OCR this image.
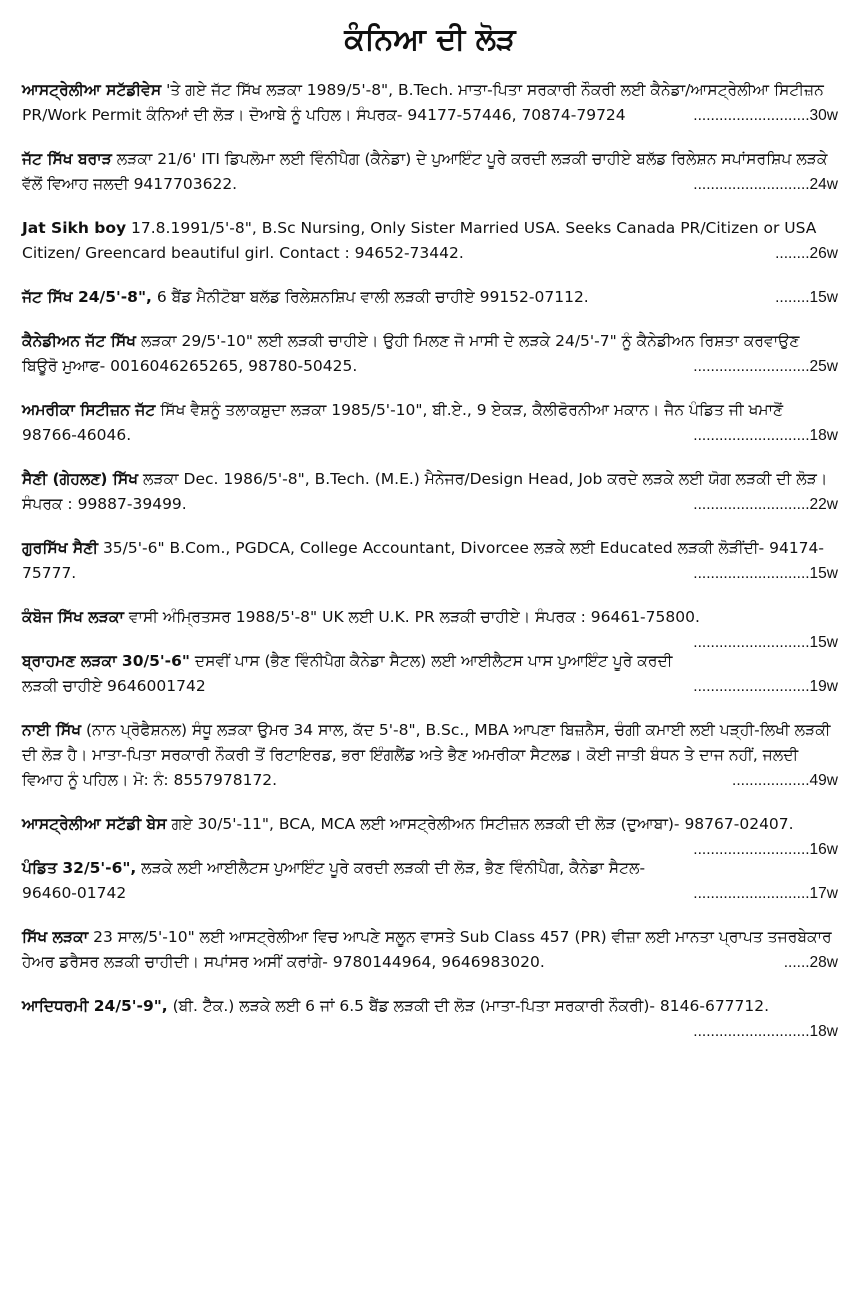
ਕੰਨਿਆ ਦੀ ਲੋੜ

ਆਸਟ੍ਰੇਲੀਆ ਸਟੱਡੀਵੇਸ 'ਤੇ ਗਏ ਜੱਟ ਸਿੱਖ ਲੜਕਾ 1989/5'-8", B.Tech. ਮਾਤਾ-ਪਿਤਾ ਸਰਕਾਰੀ ਨੌਕਰੀ ਲਈ ਕੈਨੇਡਾ/ਆਸਟ੍ਰੇਲੀਆ ਸਿਟੀਜ਼ਨ PR/Work Permit ਕੰਨਿਆਂ ਦੀ ਲੋੜ। ਦੋਆਬੇ ਨੂੰ ਪਹਿਲ। ਸੰਪਰਕ- 94177-57446, 70874-79724	...........................30w

ਜੱਟ ਸਿੱਖ ਬਰਾੜ ਲੜਕਾ 21/6' ITI ਡਿਪਲੋਮਾ ਲਈ ਵਿੰਨੀਪੈਗ (ਕੈਨੇਡਾ) ਦੇ ਪੁਆਇੰਟ ਪੂਰੇ ਕਰਦੀ ਲੜਕੀ ਚਾਹੀਏ ਬਲੱਡ ਰਿਲੇਸ਼ਨ ਸਪਾਂਸਰਸ਼ਿਪ ਲੜਕੇ ਵੱਲੋਂ ਵਿਆਹ ਜਲਦੀ 9417703622.	...........................24w

Jat Sikh boy 17.8.1991/5'-8", B.Sc Nursing, Only Sister Married USA. Seeks Canada PR/Citizen or USA Citizen/ Greencard beautiful girl. Contact : 94652-73442.	........26w

ਜੱਟ ਸਿੱਖ 24/5'-8", 6 ਬੈਂਡ ਮੈਨੀਟੋਬਾ ਬਲੱਡ ਰਿਲੇਸ਼ਨਸ਼ਿਪ ਵਾਲੀ ਲੜਕੀ ਚਾਹੀਏ 99152-07112.	........15w

ਕੈਨੇਡੀਅਨ ਜੱਟ ਸਿੱਖ ਲੜਕਾ 29/5'-10" ਲਈ ਲੜਕੀ ਚਾਹੀਏ। ਉਹੀ ਮਿਲਣ ਜੋ ਮਾਸੀ ਦੇ ਲੜਕੇ 24/5'-7" ਨੂੰ ਕੈਨੇਡੀਅਨ ਰਿਸ਼ਤਾ ਕਰਵਾਉਣ ਬਿਊਰੋ ਮੁਆਫ- 0016046265265, 98780-50425.	...........................25w

ਅਮਰੀਕਾ ਸਿਟੀਜ਼ਨ ਜੱਟ ਸਿੱਖ ਵੈਸ਼ਨੂੰ ਤਲਾਕਸ਼ੁਦਾ ਲੜਕਾ 1985/5'-10", ਬੀ.ਏ., 9 ਏਕੜ, ਕੈਲੀਫੋਰਨੀਆ ਮਕਾਨ। ਜੈਨ ਪੰਡਿਤ ਜੀ ਖਮਾਣੋਂ 98766-46046.	...........................18w

ਸੈਣੀ (ਗੇਹਲਣ) ਸਿੱਖ ਲੜਕਾ Dec. 1986/5'-8", B.Tech. (M.E.) ਮੈਨੇਜਰ/Design Head, Job ਕਰਦੇ ਲੜਕੇ ਲਈ ਯੋਗ ਲੜਕੀ ਦੀ ਲੋੜ। ਸੰਪਰਕ : 99887-39499.	...........................22w

ਗੁਰਸਿੱਖ ਸੈਣੀ 35/5'-6" B.Com., PGDCA, College Accountant, Divorcee ਲੜਕੇ ਲਈ Educated ਲੜਕੀ ਲੋੜੀਂਦੀ- 94174-75777.	...........................15w

ਕੰਬੋਜ ਸਿੱਖ ਲੜਕਾ ਵਾਸੀ ਅੰਮ੍ਰਿਤਸਰ 1988/5'-8" UK ਲਈ U.K. PR ਲੜਕੀ ਚਾਹੀਏ। ਸੰਪਰਕ : 96461-75800.
...........................15w

ਬ੍ਰਾਹਮਣ ਲੜਕਾ 30/5'-6" ਦਸਵੀਂ ਪਾਸ (ਭੈਣ ਵਿੰਨੀਪੈਗ ਕੈਨੇਡਾ ਸੈਟਲ) ਲਈ ਆਈਲੈਟਸ ਪਾਸ ਪੁਆਇੰਟ ਪੂਰੇ ਕਰਦੀ ਲੜਕੀ ਚਾਹੀਏ 9646001742	...........................19w

ਨਾਈ ਸਿੱਖ (ਨਾਨ ਪ੍ਰੋਫੈਸ਼ਨਲ) ਸੰਧੂ ਲੜਕਾ ਉਮਰ 34 ਸਾਲ, ਕੱਦ 5'-8", B.Sc., MBA ਆਪਣਾ ਬਿਜ਼ਨੈਸ, ਚੰਗੀ ਕਮਾਈ ਲਈ ਪੜ੍ਹੀ-ਲਿਖੀ ਲੜਕੀ ਦੀ ਲੋੜ ਹੈ। ਮਾਤਾ-ਪਿਤਾ ਸਰਕਾਰੀ ਨੌਕਰੀ ਤੋਂ ਰਿਟਾਇਰਡ, ਭਰਾ ਇੰਗਲੈਂਡ ਅਤੇ ਭੈਣ ਅਮਰੀਕਾ ਸੈਟਲਡ। ਕੋਈ ਜਾਤੀ ਬੰਧਨ ਤੇ ਦਾਜ ਨਹੀਂ, ਜਲਦੀ ਵਿਆਹ ਨੂੰ ਪਹਿਲ। ਮੋ: ਨੰ: 8557978172.	..................49w

ਆਸਟ੍ਰੇਲੀਆ ਸਟੱਡੀ ਬੇਸ ਗਏ 30/5'-11", BCA, MCA ਲਈ ਆਸਟ੍ਰੇਲੀਅਨ ਸਿਟੀਜ਼ਨ ਲੜਕੀ ਦੀ ਲੋੜ (ਦੁਆਬਾ)- 98767-02407.
...........................16w

ਪੰਡਿਤ 32/5'-6", ਲੜਕੇ ਲਈ ਆਈਲੈਟਸ ਪੁਆਇੰਟ ਪੂਰੇ ਕਰਦੀ ਲੜਕੀ ਦੀ ਲੋੜ, ਭੈਣ ਵਿੰਨੀਪੈਗ, ਕੈਨੇਡਾ ਸੈਟਲ- 96460-01742	...........................17w

ਸਿੱਖ ਲੜਕਾ 23 ਸਾਲ/5'-10" ਲਈ ਆਸਟ੍ਰੇਲੀਆ ਵਿਚ ਆਪਣੇ ਸਲੂਨ ਵਾਸਤੇ Sub Class 457 (PR) ਵੀਜ਼ਾ ਲਈ ਮਾਨਤਾ ਪ੍ਰਾਪਤ ਤਜਰਬੇਕਾਰ ਹੇਅਰ ਡਰੈਸਰ ਲੜਕੀ ਚਾਹੀਦੀ। ਸਪਾਂਸਰ ਅਸੀਂ ਕਰਾਂਗੇ- 9780144964, 9646983020.	......28w

ਆਦਿਧਰਮੀ 24/5'-9", (ਬੀ. ਟੈੱਕ.) ਲੜਕੇ ਲਈ 6 ਜਾਂ 6.5 ਬੈਂਡ ਲੜਕੀ ਦੀ ਲੋੜ (ਮਾਤਾ-ਪਿਤਾ ਸਰਕਾਰੀ ਨੌਕਰੀ)- 8146-677712.
...........................18w
